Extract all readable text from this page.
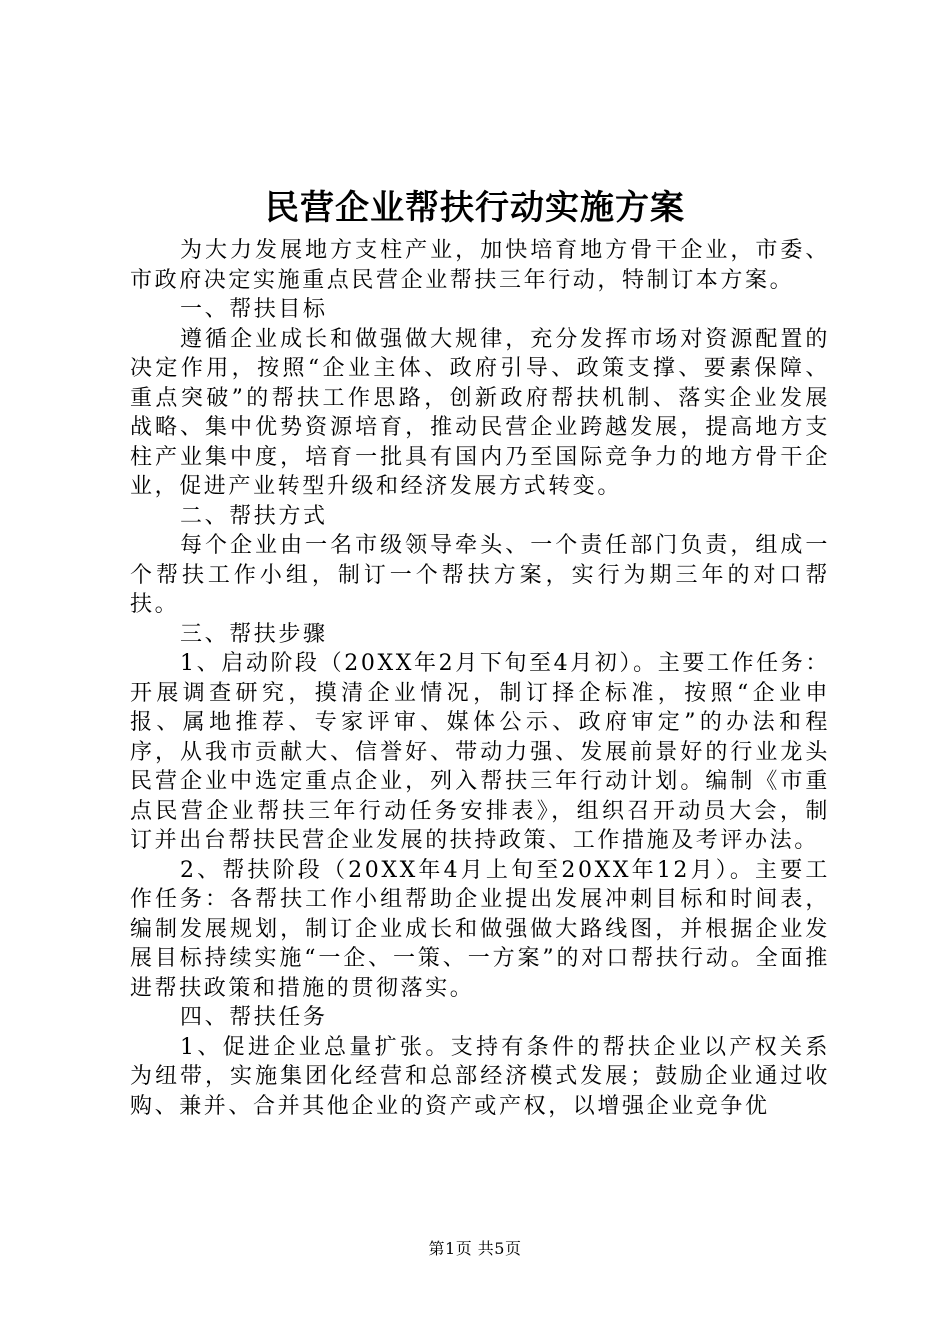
民营企业帮扶行动实施方案

为大力发展地方支柱产业，加快培育地方骨干企业，市委、市政府决定实施重点民营企业帮扶三年行动，特制订本方案。

一、帮扶目标

遵循企业成长和做强做大规律，充分发挥市场对资源配置的决定作用，按照“企业主体、政府引导、政策支撑、要素保障、重点突破”的帮扶工作思路，创新政府帮扶机制、落实企业发展战略、集中优势资源培育，推动民营企业跨越发展，提高地方支柱产业集中度，培育一批具有国内乃至国际竞争力的地方骨干企业，促进产业转型升级和经济发展方式转变。

二、帮扶方式

每个企业由一名市级领导牵头、一个责任部门负责，组成一个帮扶工作小组，制订一个帮扶方案，实行为期三年的对口帮扶。

三、帮扶步骤

1、启动阶段（20XX年2月下旬至4月初）。主要工作任务：开展调查研究，摸清企业情况，制订择企标准，按照“企业申报、属地推荐、专家评审、媒体公示、政府审定”的办法和程序，从我市贡献大、信誉好、带动力强、发展前景好的行业龙头民营企业中选定重点企业，列入帮扶三年行动计划。编制《市重点民营企业帮扶三年行动任务安排表》，组织召开动员大会，制订并出台帮扶民营企业发展的扶持政策、工作措施及考评办法。

2、帮扶阶段（20XX年4月上旬至20XX年12月）。主要工作任务：各帮扶工作小组帮助企业提出发展冲刺目标和时间表，编制发展规划，制订企业成长和做强做大路线图，并根据企业发展目标持续实施“一企、一策、一方案”的对口帮扶行动。全面推进帮扶政策和措施的贯彻落实。

四、帮扶任务

1、促进企业总量扩张。支持有条件的帮扶企业以产权关系为纽带，实施集团化经营和总部经济模式发展；鼓励企业通过收购、兼并、合并其他企业的资产或产权，以增强企业竞争优

第1页 共5页
